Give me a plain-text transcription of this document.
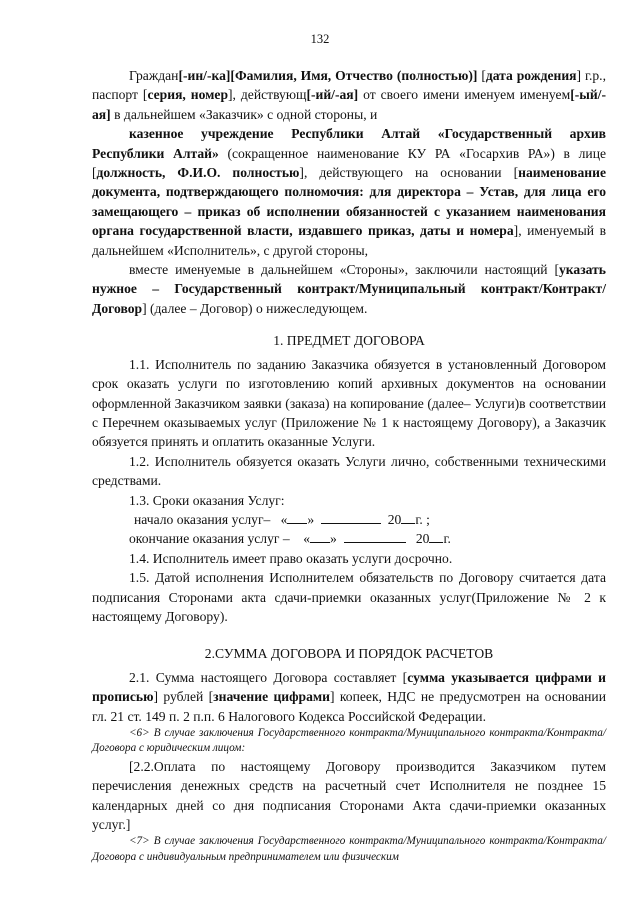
132

Граждан[-ин/-ка][Фамилия, Имя, Отчество (полностью)] [дата рождения] г.р., паспорт [серия, номер], действующ[-ий/-ая] от своего имени именуем именуем[-ый/-ая] в дальнейшем «Заказчик» с одной стороны, и

казенное учреждение Республики Алтай «Государственный архив Республики Алтай» (сокращенное наименование КУ РА «Госархив РА») в лице [должность, Ф.И.О. полностью], действующего на основании [наименование документа, подтверждающего полномочия: для директора – Устав, для лица его замещающего – приказ об исполнении обязанностей с указанием наименования органа государственной власти, издавшего приказ, даты и номера], именуемый в дальнейшем «Исполнитель», с другой стороны,

вместе именуемые в дальнейшем «Стороны», заключили настоящий [указать нужное – Государственный контракт/Муниципальный контракт/Контракт/Договор] (далее – Договор) о нижеследующем.

1. ПРЕДМЕТ ДОГОВОРА

1.1. Исполнитель по заданию Заказчика обязуется в установленный Договором срок оказать услуги по изготовлению копий архивных документов на основании оформленной Заказчиком заявки (заказа) на копирование (далее– Услуги)в соответствии с Перечнем оказываемых услуг (Приложение № 1 к настоящему Договору), а Заказчик обязуется принять и оплатить оказанные Услуги.

1.2. Исполнитель обязуется оказать Услуги лично, собственными техническими средствами.

1.3. Сроки оказания Услуг:

начало оказания услуг– « »	20 г. ;

окончание оказания услуг – « »	20 г.

1.4. Исполнитель имеет право оказать услуги досрочно.

1.5. Датой исполнения Исполнителем обязательств по Договору считается дата подписания Сторонами акта сдачи-приемки оказанных услуг(Приложение № 2 к настоящему Договору).

2.СУММА ДОГОВОРА И ПОРЯДОК РАСЧЕТОВ

2.1. Сумма настоящего Договора составляет [сумма указывается цифрами и прописью] рублей [значение цифрами] копеек, НДС не предусмотрен на основании гл. 21 ст. 149 п. 2 п.п. 6 Налогового Кодекса Российской Федерации.

<6> В случае заключения Государственного контракта/Муниципального контракта/Контракта/Договора с юридическим лицом:

[2.2.Оплата по настоящему Договору производится Заказчиком путем перечисления денежных средств на расчетный счет Исполнителя не позднее 15 календарных дней со дня подписания Сторонами Акта сдачи-приемки оказанных услуг.]

<7> В случае заключения Государственного контракта/Муниципального контракта/Контракта/Договора с индивидуальным предпринимателем или физическим
